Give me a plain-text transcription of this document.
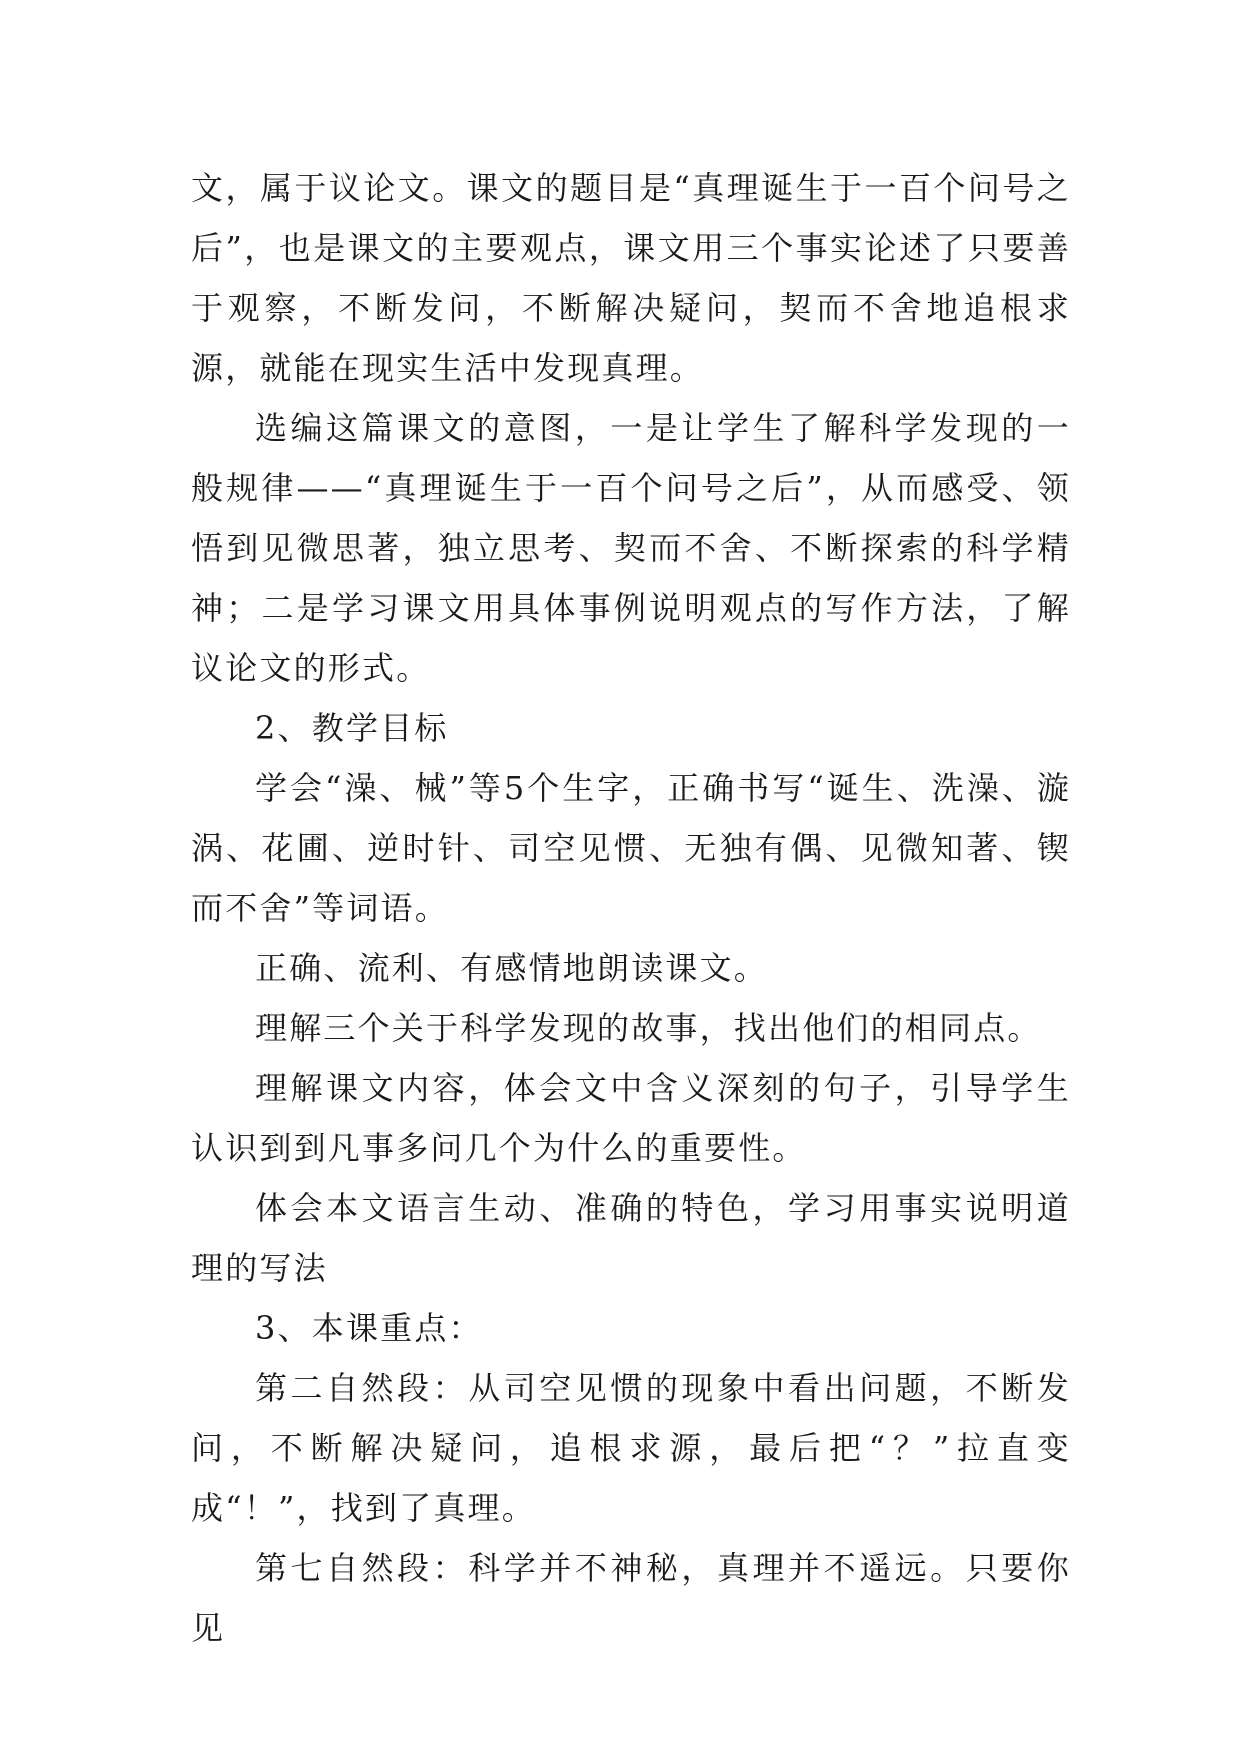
文，属于议论文。课文的题目是“真理诞生于一百个问号之后”，也是课文的主要观点，课文用三个事实论述了只要善于观察，不断发问，不断解决疑问，契而不舍地追根求源，就能在现实生活中发现真理。

选编这篇课文的意图，一是让学生了解科学发现的一般规律——“真理诞生于一百个问号之后”，从而感受、领悟到见微思著，独立思考、契而不舍、不断探索的科学精神；二是学习课文用具体事例说明观点的写作方法，了解议论文的形式。

2、教学目标

学会“澡、械”等5个生字，正确书写“诞生、洗澡、漩涡、花圃、逆时针、司空见惯、无独有偶、见微知著、锲而不舍”等词语。

正确、流利、有感情地朗读课文。

理解三个关于科学发现的故事，找出他们的相同点。

理解课文内容，体会文中含义深刻的句子，引导学生认识到到凡事多问几个为什么的重要性。

体会本文语言生动、准确的特色，学习用事实说明道理的写法

3、本课重点：

第二自然段：从司空见惯的现象中看出问题，不断发问，不断解决疑问，追根求源，最后把“？”拉直变成“！”，找到了真理。

第七自然段：科学并不神秘，真理并不遥远。只要你见
